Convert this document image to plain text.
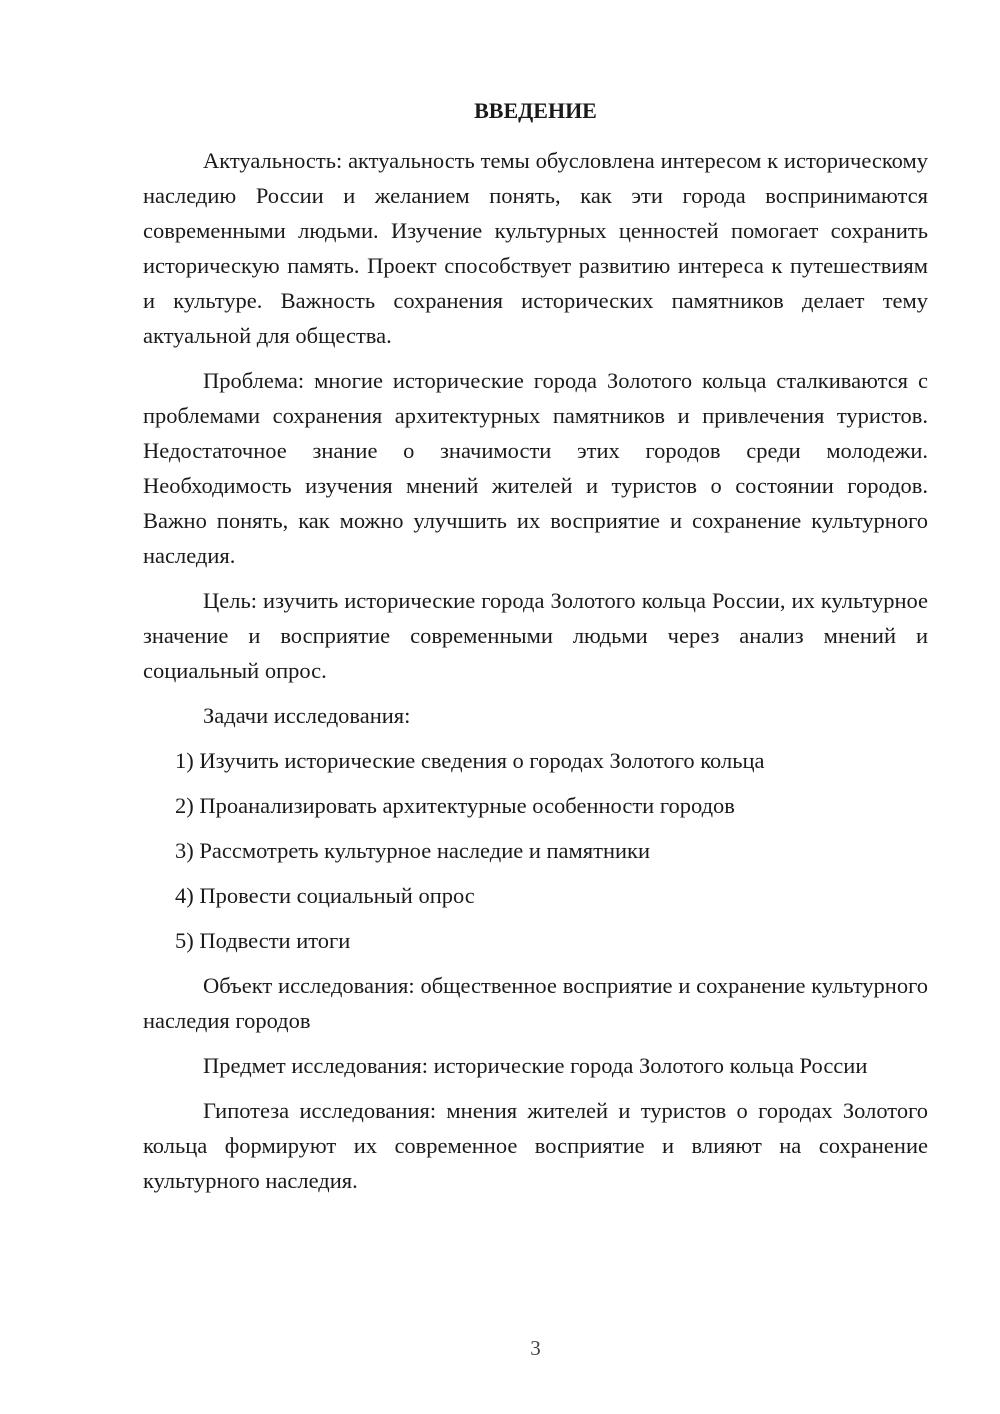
ВВЕДЕНИЕ

Актуальность: актуальность темы обусловлена интересом к историческому наследию России и желанием понять, как эти города воспринимаются современными людьми. Изучение культурных ценностей помогает сохранить историческую память. Проект способствует развитию интереса к путешествиям и культуре. Важность сохранения исторических памятников делает тему актуальной для общества.

Проблема: многие исторические города Золотого кольца сталкиваются с проблемами сохранения архитектурных памятников и привлечения туристов. Недостаточное знание о значимости этих городов среди молодежи. Необходимость изучения мнений жителей и туристов о состоянии городов. Важно понять, как можно улучшить их восприятие и сохранение культурного наследия.

Цель: изучить исторические города Золотого кольца России, их культурное значение и восприятие современными людьми через анализ мнений и социальный опрос.

Задачи исследования:

1) Изучить исторические сведения о городах Золотого кольца

2) Проанализировать архитектурные особенности городов

3) Рассмотреть культурное наследие и памятники

4) Провести социальный опрос

5) Подвести итоги

Объект исследования: общественное восприятие и сохранение культурного наследия городов

Предмет исследования: исторические города Золотого кольца России

Гипотеза исследования: мнения жителей и туристов о городах Золотого кольца формируют их современное восприятие и влияют на сохранение культурного наследия.

3
